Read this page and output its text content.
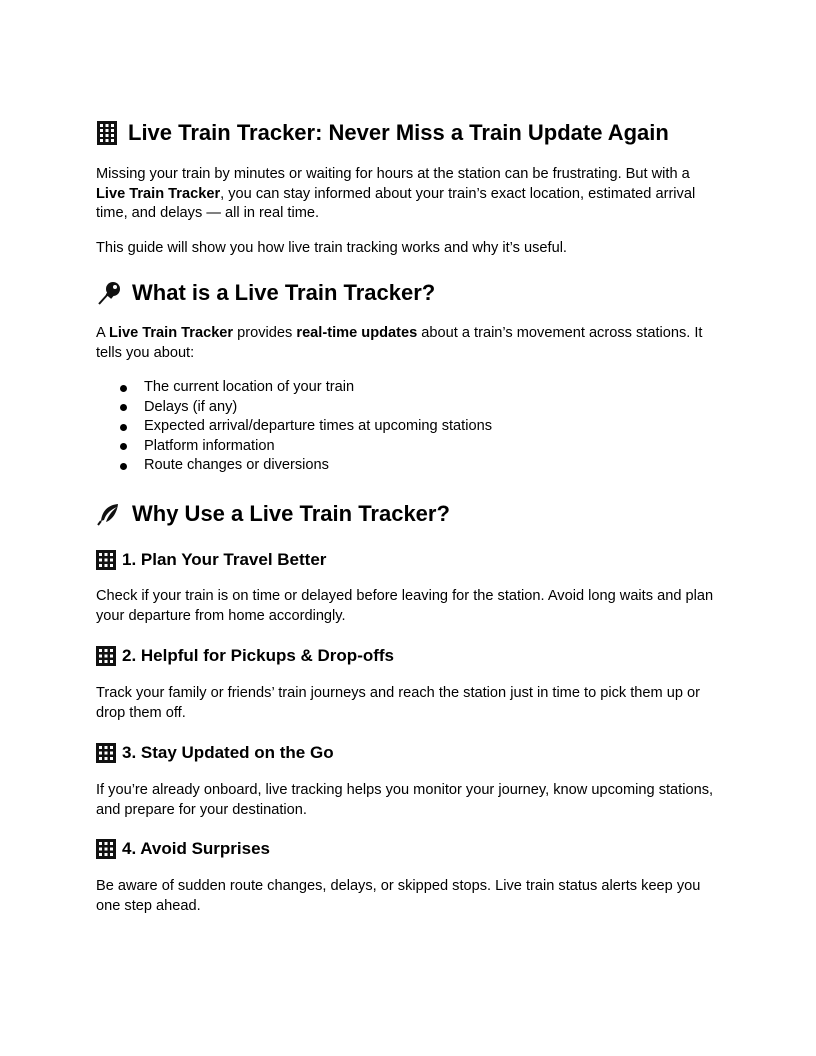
Live Train Tracker: Never Miss a Train Update Again

Missing your train by minutes or waiting for hours at the station can be frustrating. But with a Live Train Tracker, you can stay informed about your train’s exact location, estimated arrival time, and delays — all in real time.

This guide will show you how live train tracking works and why it’s useful.

What is a Live Train Tracker?

A Live Train Tracker provides real-time updates about a train’s movement across stations. It tells you about:

The current location of your train
Delays (if any)
Expected arrival/departure times at upcoming stations
Platform information
Route changes or diversions
Why Use a Live Train Tracker?
1. Plan Your Travel Better

Check if your train is on time or delayed before leaving for the station. Avoid long waits and plan your departure from home accordingly.

2. Helpful for Pickups & Drop-offs

Track your family or friends’ train journeys and reach the station just in time to pick them up or drop them off.

3. Stay Updated on the Go

If you’re already onboard, live tracking helps you monitor your journey, know upcoming stations, and prepare for your destination.

4. Avoid Surprises

Be aware of sudden route changes, delays, or skipped stops. Live train status alerts keep you one step ahead.
